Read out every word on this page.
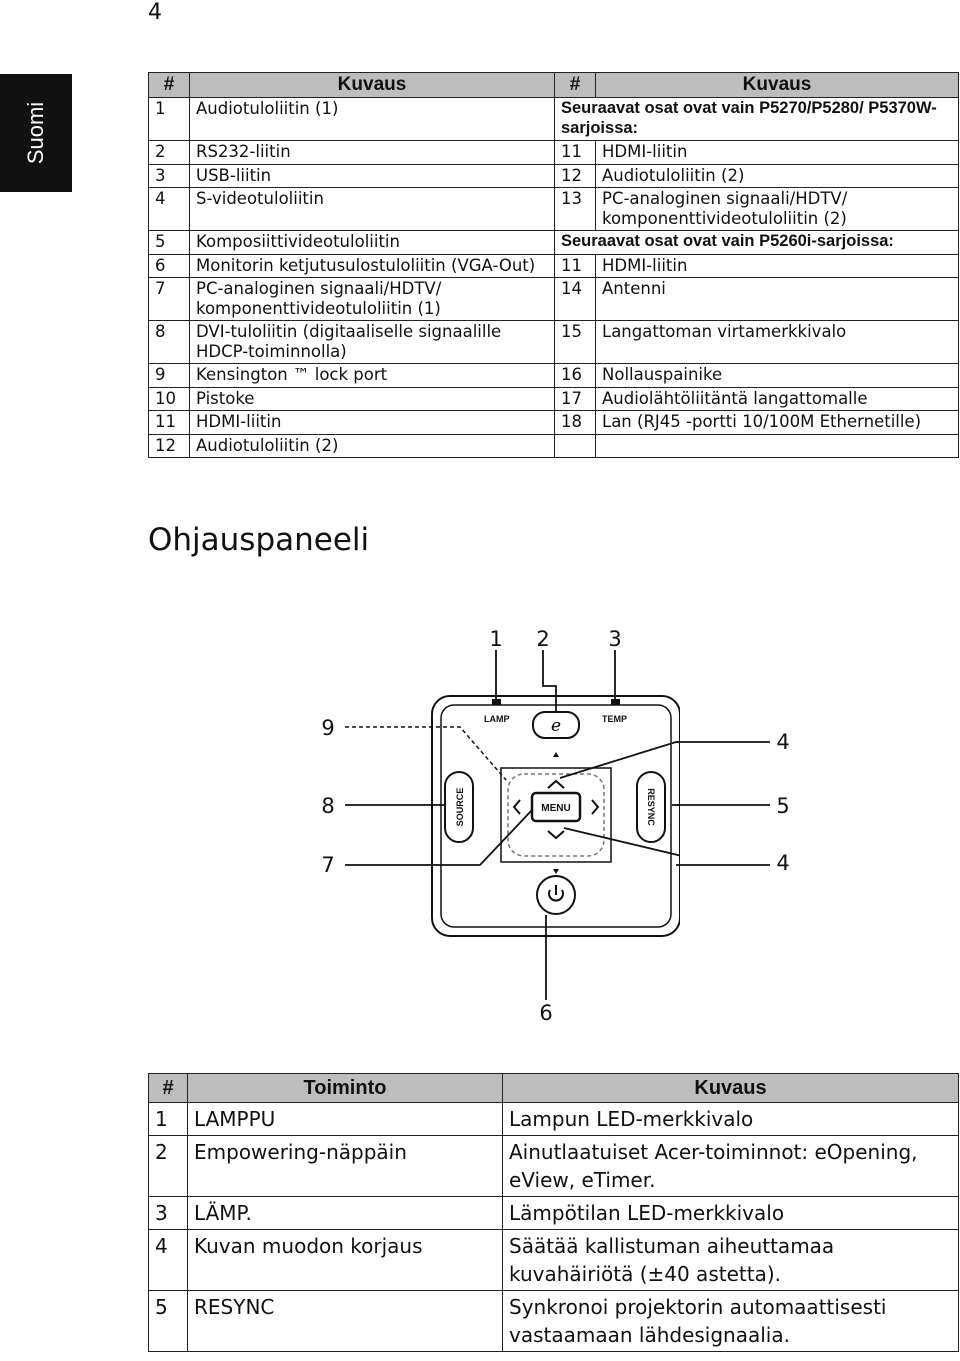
4
Suomi
#	Kuvaus	#	Kuvaus
1	Audiotuloliitin (1)	Seuraavat osat ovat vain P5270/P5280/ P5370W-sarjoissa:	
2	RS232-liitin	11	HDMI-liitin
3	USB-liitin	12	Audiotuloliitin (2)
4	S-videotuloliitin	13	PC-analoginen signaali/HDTV/ komponenttivideotuloliitin (2)
5	Komposiittivideotuloliitin	Seuraavat osat ovat vain P5260i-sarjoissa:	
6	Monitorin ketjutusulostuloliitin (VGA-Out)	11	HDMI-liitin
7	PC-analoginen signaali/HDTV/ komponenttivideotuloliitin (1)	14	Antenni
8	DVI-tuloliitin (digitaaliselle signaalille HDCP-toiminnolla)	15	Langattoman virtamerkkivalo
9	Kensington ™ lock port	16	Nollauspainike
10	Pistoke	17	Audiolähtöliitäntä langattomalle
11	HDMI-liitin	18	Lan (RJ45 -portti 10/100M Ethernetille)
12	Audiotuloliitin (2)		
Ohjauspaneeli
LAMP	TEMP
e
MENU
SOURCE	RESYNC
1 2	3
9
8
7
6
4
5
4
#	Toiminto	Kuvaus
1	LAMPPU	Lampun LED-merkkivalo
2	Empowering-näppäin	Ainutlaatuiset Acer-toiminnot: eOpening, eView, eTimer.
3	LÄMP.	Lämpötilan LED-merkkivalo
4	Kuvan muodon korjaus	Säätää kallistuman aiheuttamaa kuvahäiriötä (±40 astetta).
5	RESYNC	Synkronoi projektorin automaattisesti vastaamaan lähdesignaalia.
